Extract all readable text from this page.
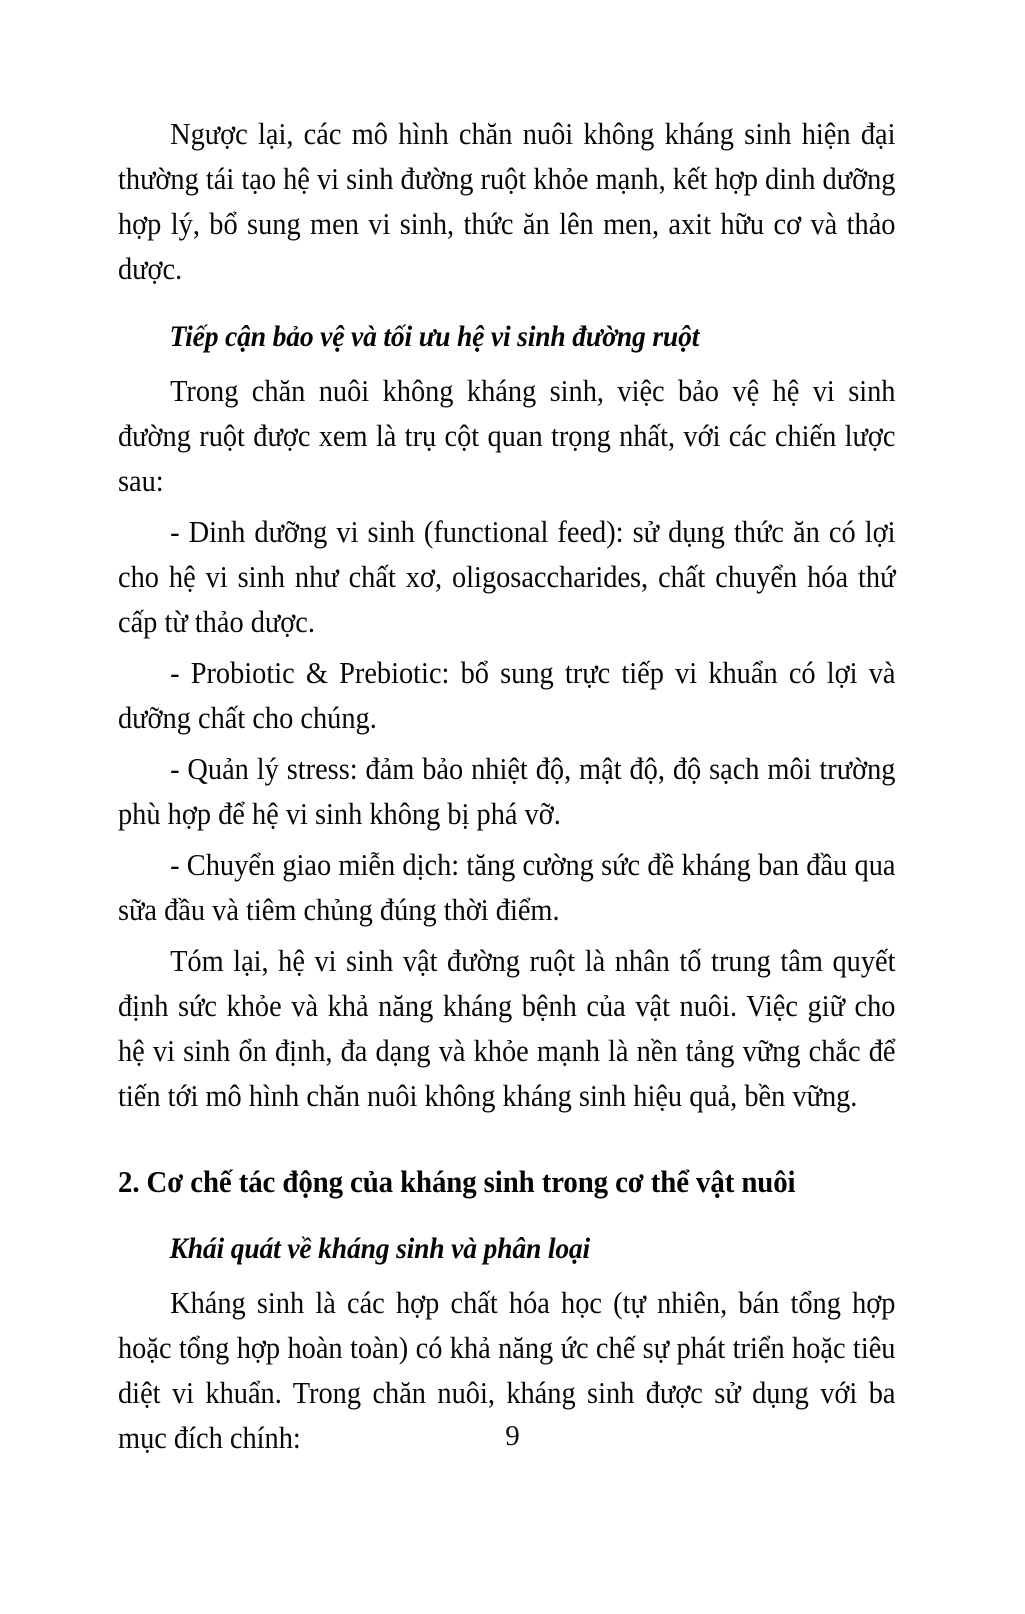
Ngược lại, các mô hình chăn nuôi không kháng sinh hiện đại thường tái tạo hệ vi sinh đường ruột khỏe mạnh, kết hợp dinh dưỡng hợp lý, bổ sung men vi sinh, thức ăn lên men, axit hữu cơ và thảo dược.

Tiếp cận bảo vệ và tối ưu hệ vi sinh đường ruột

Trong chăn nuôi không kháng sinh, việc bảo vệ hệ vi sinh đường ruột được xem là trụ cột quan trọng nhất, với các chiến lược sau:

- Dinh dưỡng vi sinh (functional feed): sử dụng thức ăn có lợi cho hệ vi sinh như chất xơ, oligosaccharides, chất chuyển hóa thứ cấp từ thảo dược.

- Probiotic & Prebiotic: bổ sung trực tiếp vi khuẩn có lợi và dưỡng chất cho chúng.

- Quản lý stress: đảm bảo nhiệt độ, mật độ, độ sạch môi trường phù hợp để hệ vi sinh không bị phá vỡ.

- Chuyển giao miễn dịch: tăng cường sức đề kháng ban đầu qua sữa đầu và tiêm chủng đúng thời điểm.

Tóm lại, hệ vi sinh vật đường ruột là nhân tố trung tâm quyết định sức khỏe và khả năng kháng bệnh của vật nuôi. Việc giữ cho hệ vi sinh ổn định, đa dạng và khỏe mạnh là nền tảng vững chắc để tiến tới mô hình chăn nuôi không kháng sinh hiệu quả, bền vững.

2. Cơ chế tác động của kháng sinh trong cơ thể vật nuôi

Khái quát về kháng sinh và phân loại

Kháng sinh là các hợp chất hóa học (tự nhiên, bán tổng hợp hoặc tổng hợp hoàn toàn) có khả năng ức chế sự phát triển hoặc tiêu diệt vi khuẩn. Trong chăn nuôi, kháng sinh được sử dụng với ba mục đích chính:	9
